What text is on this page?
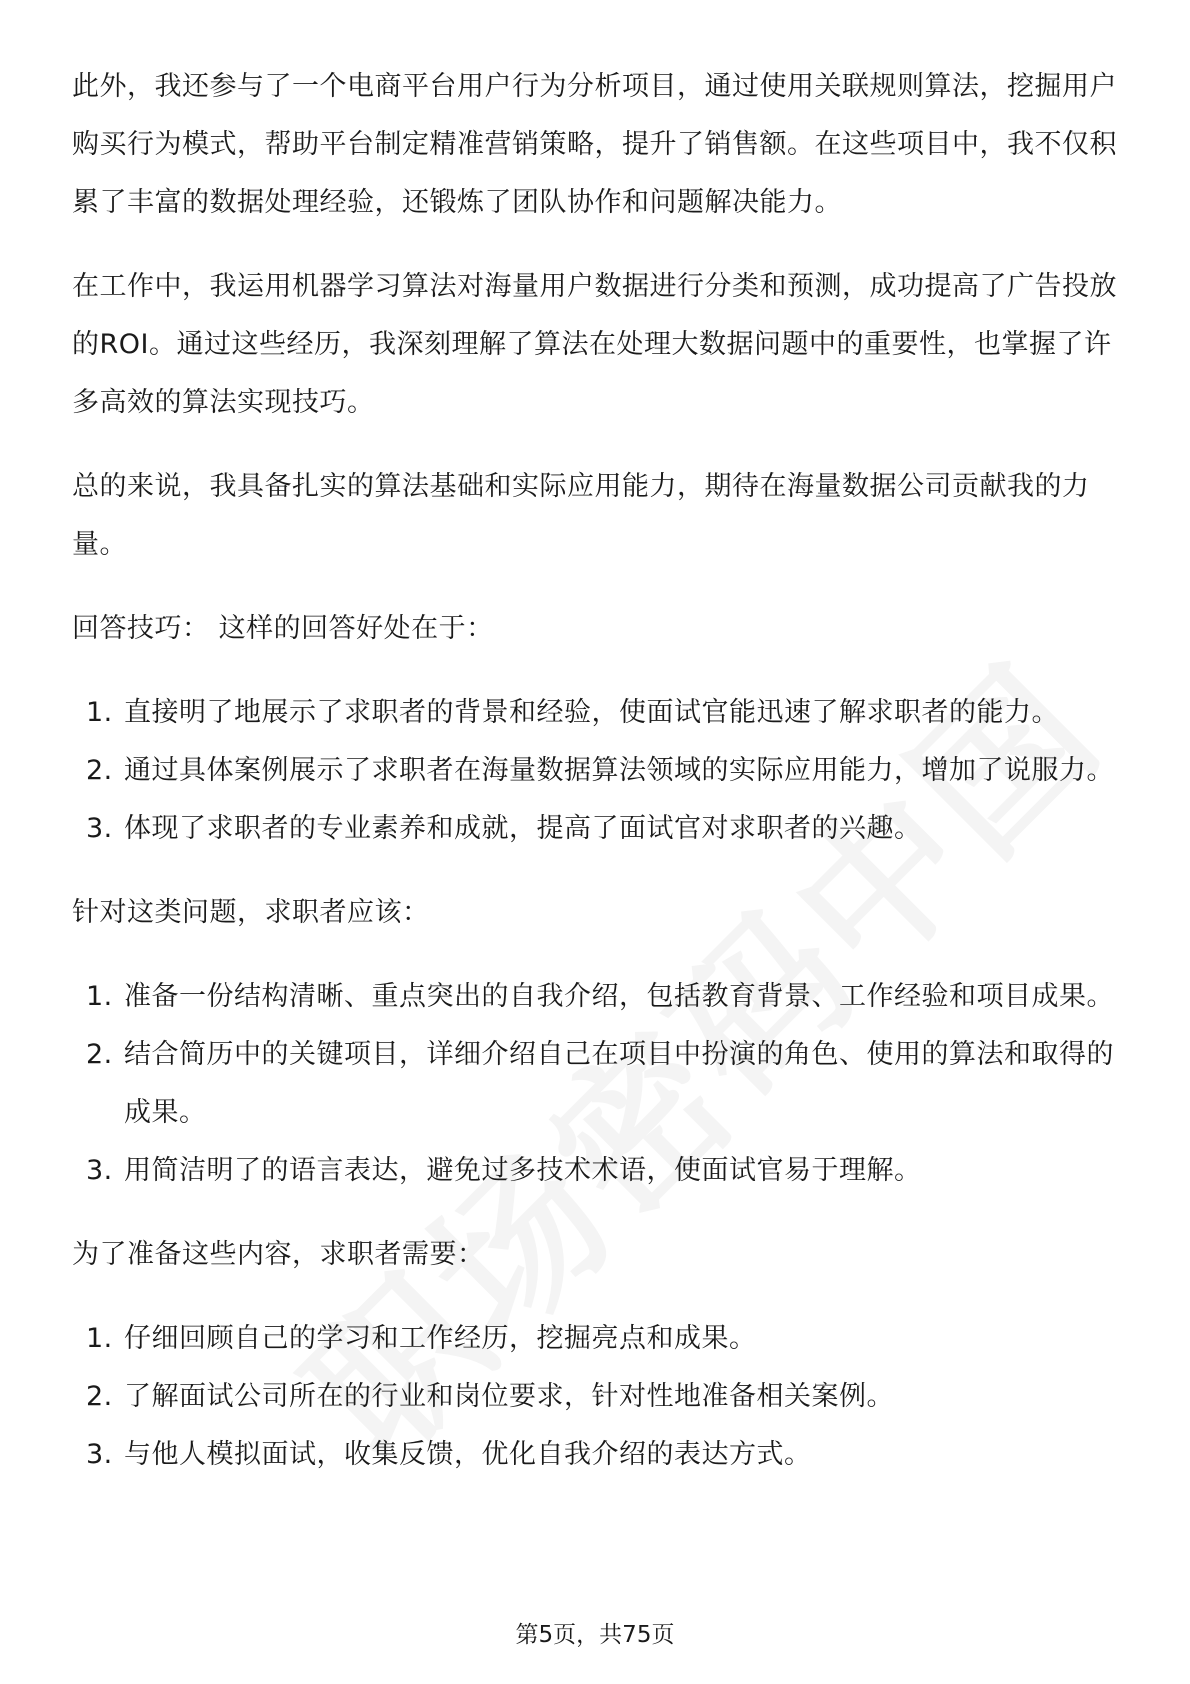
此外，我还参与了一个电商平台用户行为分析项目，通过使用关联规则算法，挖掘用户购买行为模式，帮助平台制定精准营销策略，提升了销售额。在这些项目中，我不仅积累了丰富的数据处理经验，还锻炼了团队协作和问题解决能力。

在工作中，我运用机器学习算法对海量用户数据进行分类和预测，成功提高了广告投放的ROI。通过这些经历，我深刻理解了算法在处理大数据问题中的重要性，也掌握了许多高效的算法实现技巧。

总的来说，我具备扎实的算法基础和实际应用能力，期待在海量数据公司贡献我的力量。

回答技巧： 这样的回答好处在于：

1. 直接明了地展示了求职者的背景和经验，使面试官能迅速了解求职者的能力。
2. 通过具体案例展示了求职者在海量数据算法领域的实际应用能力，增加了说服力。
3. 体现了求职者的专业素养和成就，提高了面试官对求职者的兴趣。

针对这类问题，求职者应该：

1. 准备一份结构清晰、重点突出的自我介绍，包括教育背景、工作经验和项目成果。
2. 结合简历中的关键项目，详细介绍自己在项目中扮演的角色、使用的算法和取得的成果。
3. 用简洁明了的语言表达，避免过多技术术语，使面试官易于理解。

为了准备这些内容，求职者需要：

1. 仔细回顾自己的学习和工作经历，挖掘亮点和成果。
2. 了解面试公司所在的行业和岗位要求，针对性地准备相关案例。
3. 与他人模拟面试，收集反馈，优化自我介绍的表达方式。
第5页，共75页
